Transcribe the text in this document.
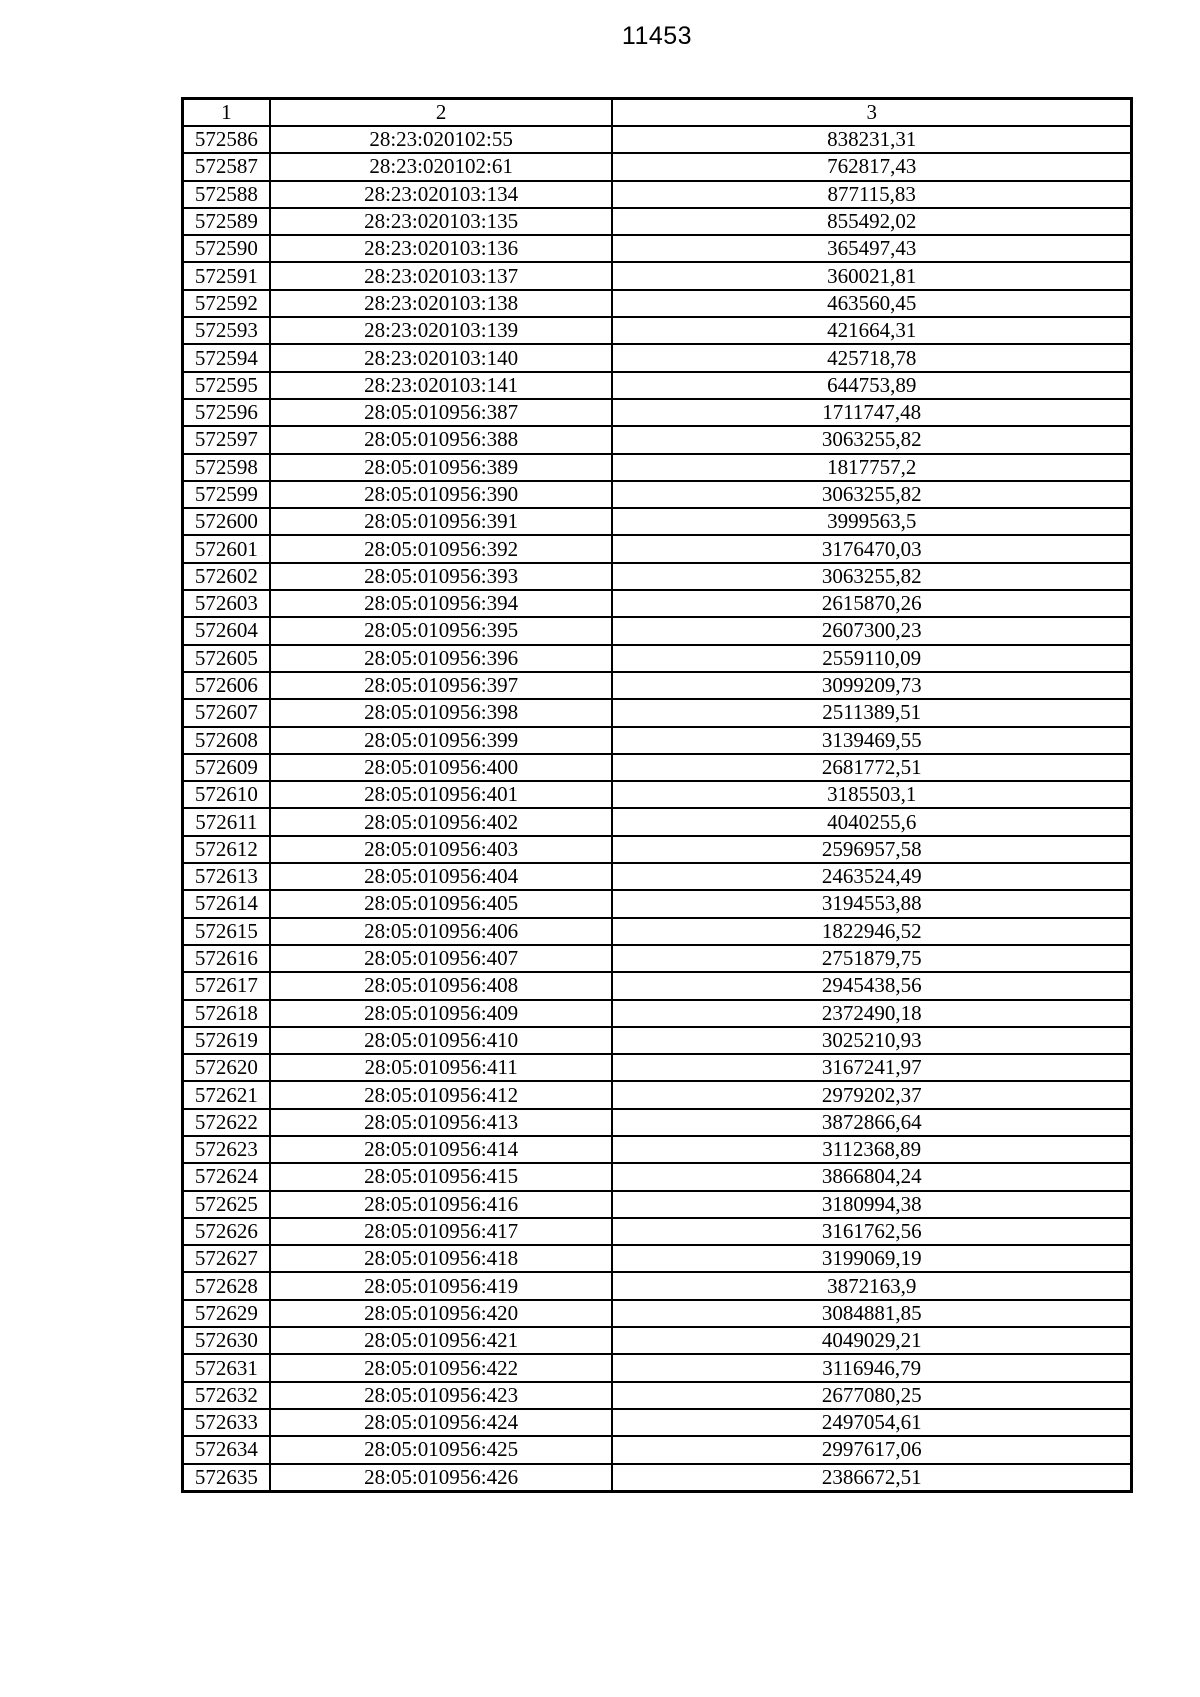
11453
1	2	3
572586	28:23:020102:55	838231,31
572587	28:23:020102:61	762817,43
572588	28:23:020103:134	877115,83
572589	28:23:020103:135	855492,02
572590	28:23:020103:136	365497,43
572591	28:23:020103:137	360021,81
572592	28:23:020103:138	463560,45
572593	28:23:020103:139	421664,31
572594	28:23:020103:140	425718,78
572595	28:23:020103:141	644753,89
572596	28:05:010956:387	1711747,48
572597	28:05:010956:388	3063255,82
572598	28:05:010956:389	1817757,2
572599	28:05:010956:390	3063255,82
572600	28:05:010956:391	3999563,5
572601	28:05:010956:392	3176470,03
572602	28:05:010956:393	3063255,82
572603	28:05:010956:394	2615870,26
572604	28:05:010956:395	2607300,23
572605	28:05:010956:396	2559110,09
572606	28:05:010956:397	3099209,73
572607	28:05:010956:398	2511389,51
572608	28:05:010956:399	3139469,55
572609	28:05:010956:400	2681772,51
572610	28:05:010956:401	3185503,1
572611	28:05:010956:402	4040255,6
572612	28:05:010956:403	2596957,58
572613	28:05:010956:404	2463524,49
572614	28:05:010956:405	3194553,88
572615	28:05:010956:406	1822946,52
572616	28:05:010956:407	2751879,75
572617	28:05:010956:408	2945438,56
572618	28:05:010956:409	2372490,18
572619	28:05:010956:410	3025210,93
572620	28:05:010956:411	3167241,97
572621	28:05:010956:412	2979202,37
572622	28:05:010956:413	3872866,64
572623	28:05:010956:414	3112368,89
572624	28:05:010956:415	3866804,24
572625	28:05:010956:416	3180994,38
572626	28:05:010956:417	3161762,56
572627	28:05:010956:418	3199069,19
572628	28:05:010956:419	3872163,9
572629	28:05:010956:420	3084881,85
572630	28:05:010956:421	4049029,21
572631	28:05:010956:422	3116946,79
572632	28:05:010956:423	2677080,25
572633	28:05:010956:424	2497054,61
572634	28:05:010956:425	2997617,06
572635	28:05:010956:426	2386672,51
